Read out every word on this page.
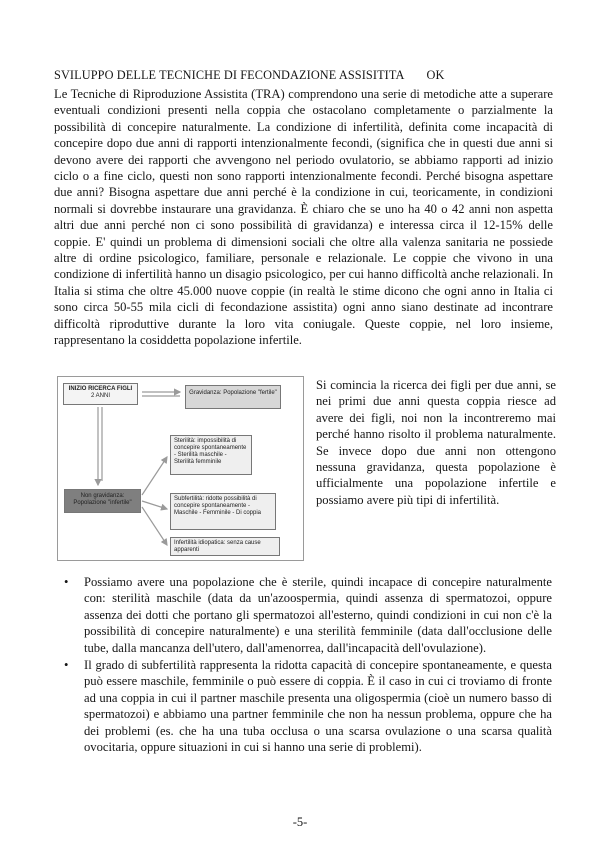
SVILUPPO DELLE TECNICHE DI FECONDAZIONE ASSISITITA OK

Le Tecniche di Riproduzione Assistita (TRA) comprendono una serie di metodiche atte a superare eventuali condizioni presenti nella coppia che ostacolano completamente o parzialmente la possibilità di concepire naturalmente. La condizione di infertilità, definita come incapacità di concepire dopo due anni di rapporti intenzionalmente fecondi, (significa che in questi due anni si devono avere dei rapporti che avvengono nel periodo ovulatorio, se abbiamo rapporti ad inizio ciclo o a fine ciclo, questi non sono rapporti intenzionalmente fecondi. Perché bisogna aspettare due anni? Bisogna aspettare due anni perché è la condizione in cui, teoricamente, in condizioni normali si dovrebbe instaurare una gravidanza. È chiaro che se uno ha 40 o 42 anni non aspetta altri due anni perché non ci sono possibilità di gravidanza) e interessa circa il 12-15% delle coppie. E' quindi un problema di dimensioni sociali che oltre alla valenza sanitaria ne possiede altre di ordine psicologico, familiare, personale e relazionale. Le coppie che vivono in una condizione di infertilità hanno un disagio psicologico, per cui hanno difficoltà anche relazionali. In Italia si stima che oltre 45.000 nuove coppie (in realtà le stime dicono che ogni anno in Italia ci sono circa 50-55 mila cicli di fecondazione assistita) ogni anno siano destinate ad incontrare difficoltà riproduttive durante la loro vita coniugale. Queste coppie, nel loro insieme, rappresentano la cosiddetta popolazione infertile.

INIZIO RICERCA FIGLI
2 ANNI	Gravidanza: Popolazione "fertile"
Non gravidanza: Popolazione "infertile"
Sterilità: impossibilità di concepire spontaneamente - Sterilità maschile - Sterilità femminile
Subfertilità: ridotte possibilità di concepire spontaneamente - Maschile - Femminile - Di coppia
Infertilità idiopatica: senza cause apparenti

Si comincia la ricerca dei figli per due anni, se nei primi due anni questa coppia riesce ad avere dei figli, noi non la incontreremo mai perché hanno risolto il problema naturalmente. Se invece dopo due anni non ottengono nessuna gravidanza, questa popolazione è ufficialmente una popolazione infertile e possiamo avere più tipi di infertilità.

• Possiamo avere una popolazione che è sterile, quindi incapace di concepire naturalmente con: sterilità maschile (data da un'azoospermia, quindi assenza di spermatozoi, oppure assenza dei dotti che portano gli spermatozoi all'esterno, quindi condizioni in cui non c'è la possibilità di concepire naturalmente) e una sterilità femminile (data dall'occlusione delle tube, dalla mancanza dell'utero, dall'amenorrea, dall'incapacità dell'ovulazione).
• Il grado di subfertilità rappresenta la ridotta capacità di concepire spontaneamente, e questa può essere maschile, femminile o può essere di coppia. È il caso in cui ci troviamo di fronte ad una coppia in cui il partner maschile presenta una oligospermia (cioè un numero basso di spermatozoi) e abbiamo una partner femminile che non ha nessun problema, oppure che ha dei problemi (es. che ha una tuba occlusa o una scarsa ovulazione o una scarsa qualità ovocitaria, oppure situazioni in cui si hanno una serie di problemi).
-5-
